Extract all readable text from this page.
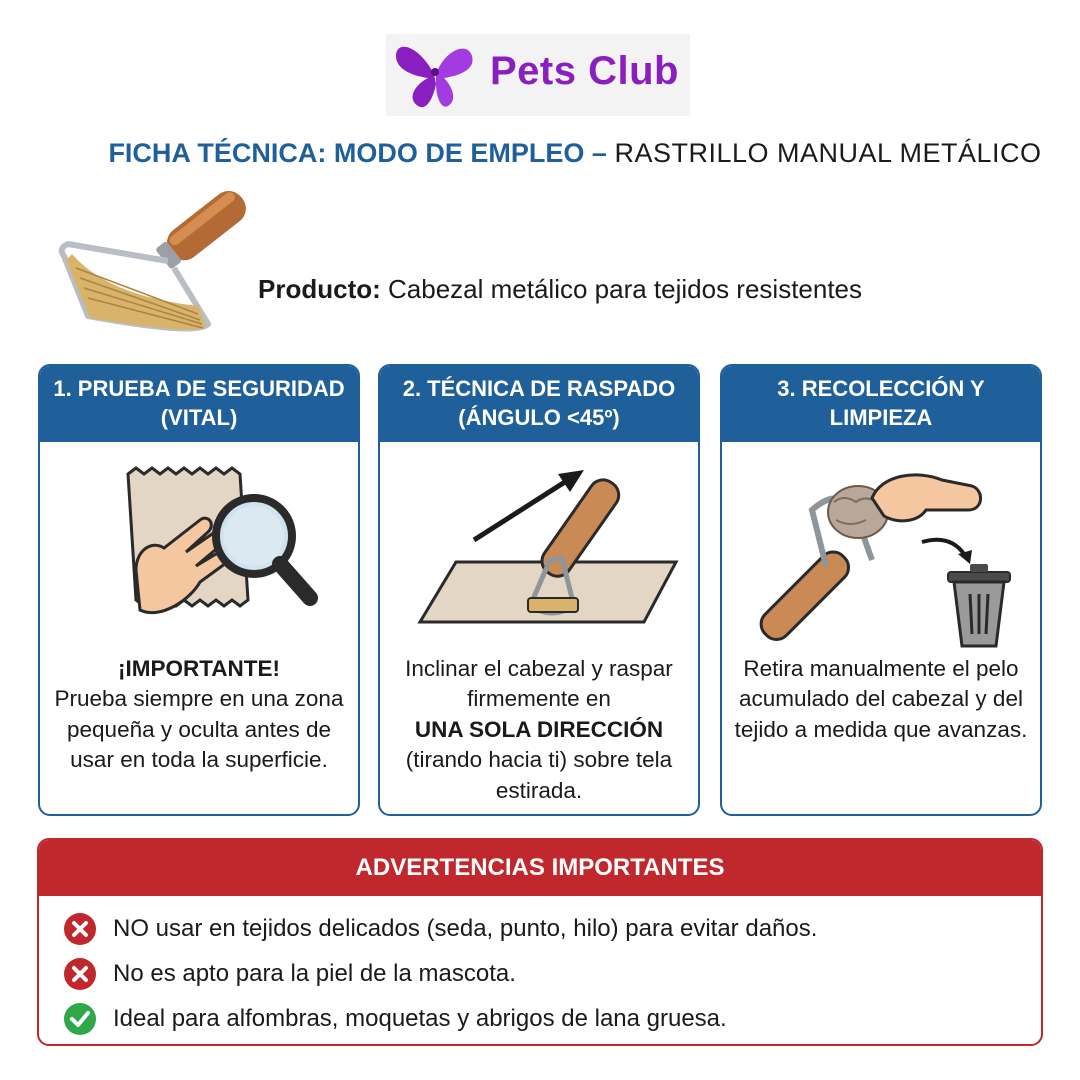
Pets Club
FICHA TÉCNICA: MODO DE EMPLEO – RASTRILLO MANUAL METÁLICO
Producto: Cabezal metálico para tejidos resistentes
1. PRUEBA DE SEGURIDAD (VITAL)
¡IMPORTANTE!
Prueba siempre en una zona pequeña y oculta antes de usar en toda la superficie.
2. TÉCNICA DE RASPADO (ÁNGULO <45º)
Inclinar el cabezal y raspar firmemente en
UNA SOLA DIRECCIÓN
(tirando hacia ti) sobre tela estirada.
3. RECOLECCIÓN Y LIMPIEZA
Retira manualmente el pelo acumulado del cabezal y del tejido a medida que avanzas.
ADVERTENCIAS IMPORTANTES
NO usar en tejidos delicados (seda, punto, hilo) para evitar daños.
No es apto para la piel de la mascota.
Ideal para alfombras, moquetas y abrigos de lana gruesa.
